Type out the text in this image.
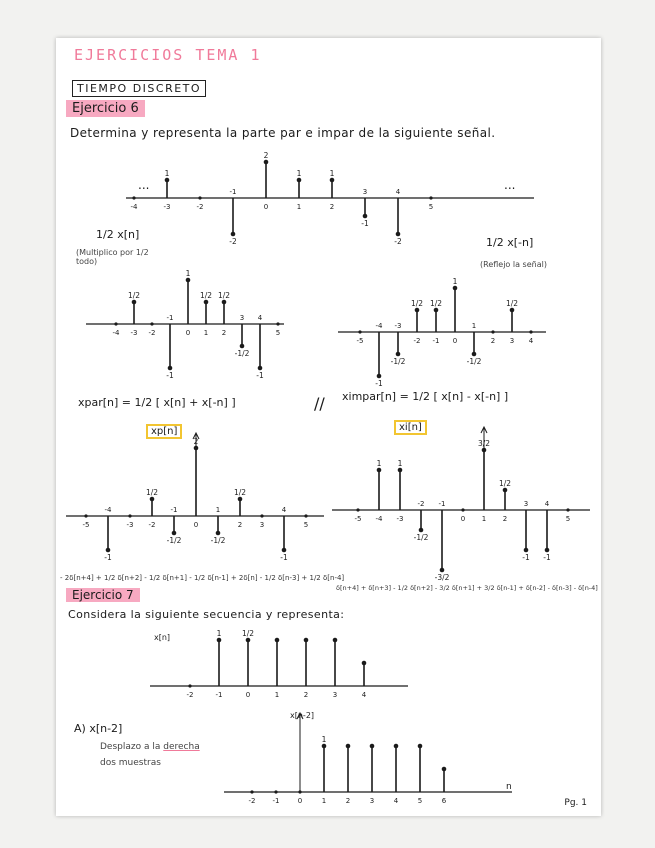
EJERCICIOS TEMA 1
TIEMPO DISCRETO
Ejercicio 6
Determina y representa la parte par e impar de la siguiente señal.
-4	-3	-2
-1
0	1	2
3	4
5
1
-2
2
1	1
-1
-2
...	...
1/2 x[n]
(Multiplico por 1/2 todo)
1/2 x[-n]
(Reflejo la señal)
-4 -3 -2
-1
0 1 2
3 4
5
1/2
-1
1
1/2 1/2
-1/2
-1
-5
-4 -3
-2 -1 0
1
2 3 4
-1
-1/2
1/2 1/2
1
-1/2
1/2
xpar[n] = 1/2 [ x[n] + x[-n] ]	// ximpar[n] = 1/2 [ x[n] - x[-n] ]
xp[n]	xi[n]
-5
-4
-3 -2
-1
0
1
2	3
4
5
-1
1/2
-1/2
2
-1/2
1/2
-1
-5 -4 -3
-2 -1
0 1 2
3 4
5
1 1
-1/2
-3/2
3/2
1/2
-1 -1
- 2δ[n+4] + 1/2 δ[n+2] - 1/2 δ[n+1] - 1/2 δ[n-1] + 2δ[n] - 1/2 δ[n-3] + 1/2 δ[n-4]
δ[n+4] + δ[n+3] - 1/2 δ[n+2] - 3/2 δ[n+1] + 3/2 δ[n-1] + δ[n-2] - δ[n-3] - δ[n-4]
Ejercicio 7
Considera la siguiente secuencia y representa:
-2	-1	0	1	2	3	4
1	1/2
x[n]
A) x[n-2]
Desplazo a la derecha
dos muestras
-2 -1	0	1	2	3	4	5	6
1
n
x[n-2]
Pg. 1
